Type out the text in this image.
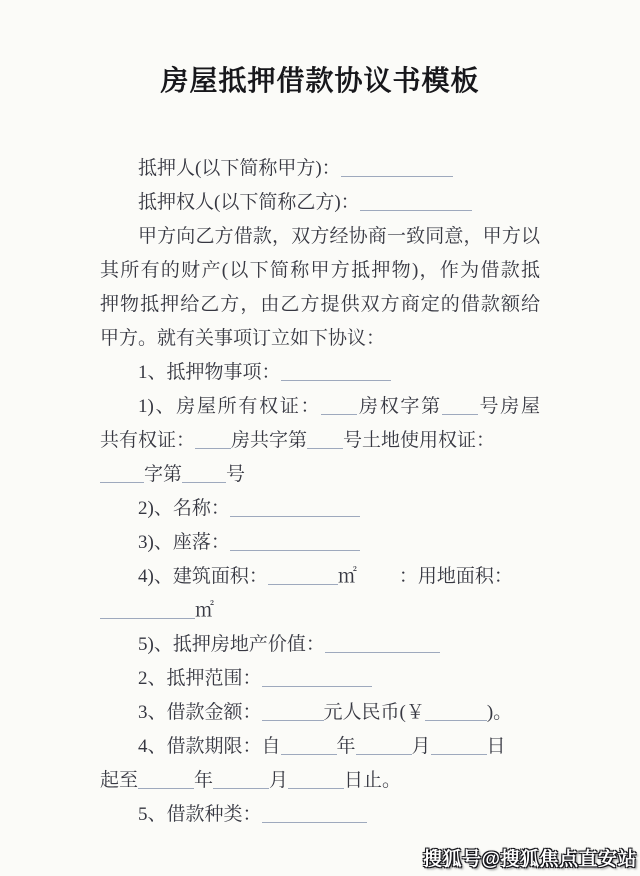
房屋抵押借款协议书模板
抵押人(以下简称甲方)：
抵押权人(以下简称乙方)：
甲方向乙方借款，双方经协商一致同意，甲方以
其所有的财产(以下简称甲方抵押物)，作为借款抵
押物抵押给乙方，由乙方提供双方商定的借款额给
甲方。就有关事项订立如下协议：
1、抵押物事项：
1)、房屋所有权证： 房权字第 号房屋
共有权证： 房共字第 号土地使用权证：
字第 号
2)、名称：
3)、座落：
4)、建筑面积：	㎡ ：用地面积：
㎡
5)、抵押房地产价值：
2、抵押范围：
3、借款金额：	元人民币(￥	)。
4、借款期限：自	年	月	日
起至	年	月	日止。
5、借款种类：
搜狐号@搜狐焦点直安站
